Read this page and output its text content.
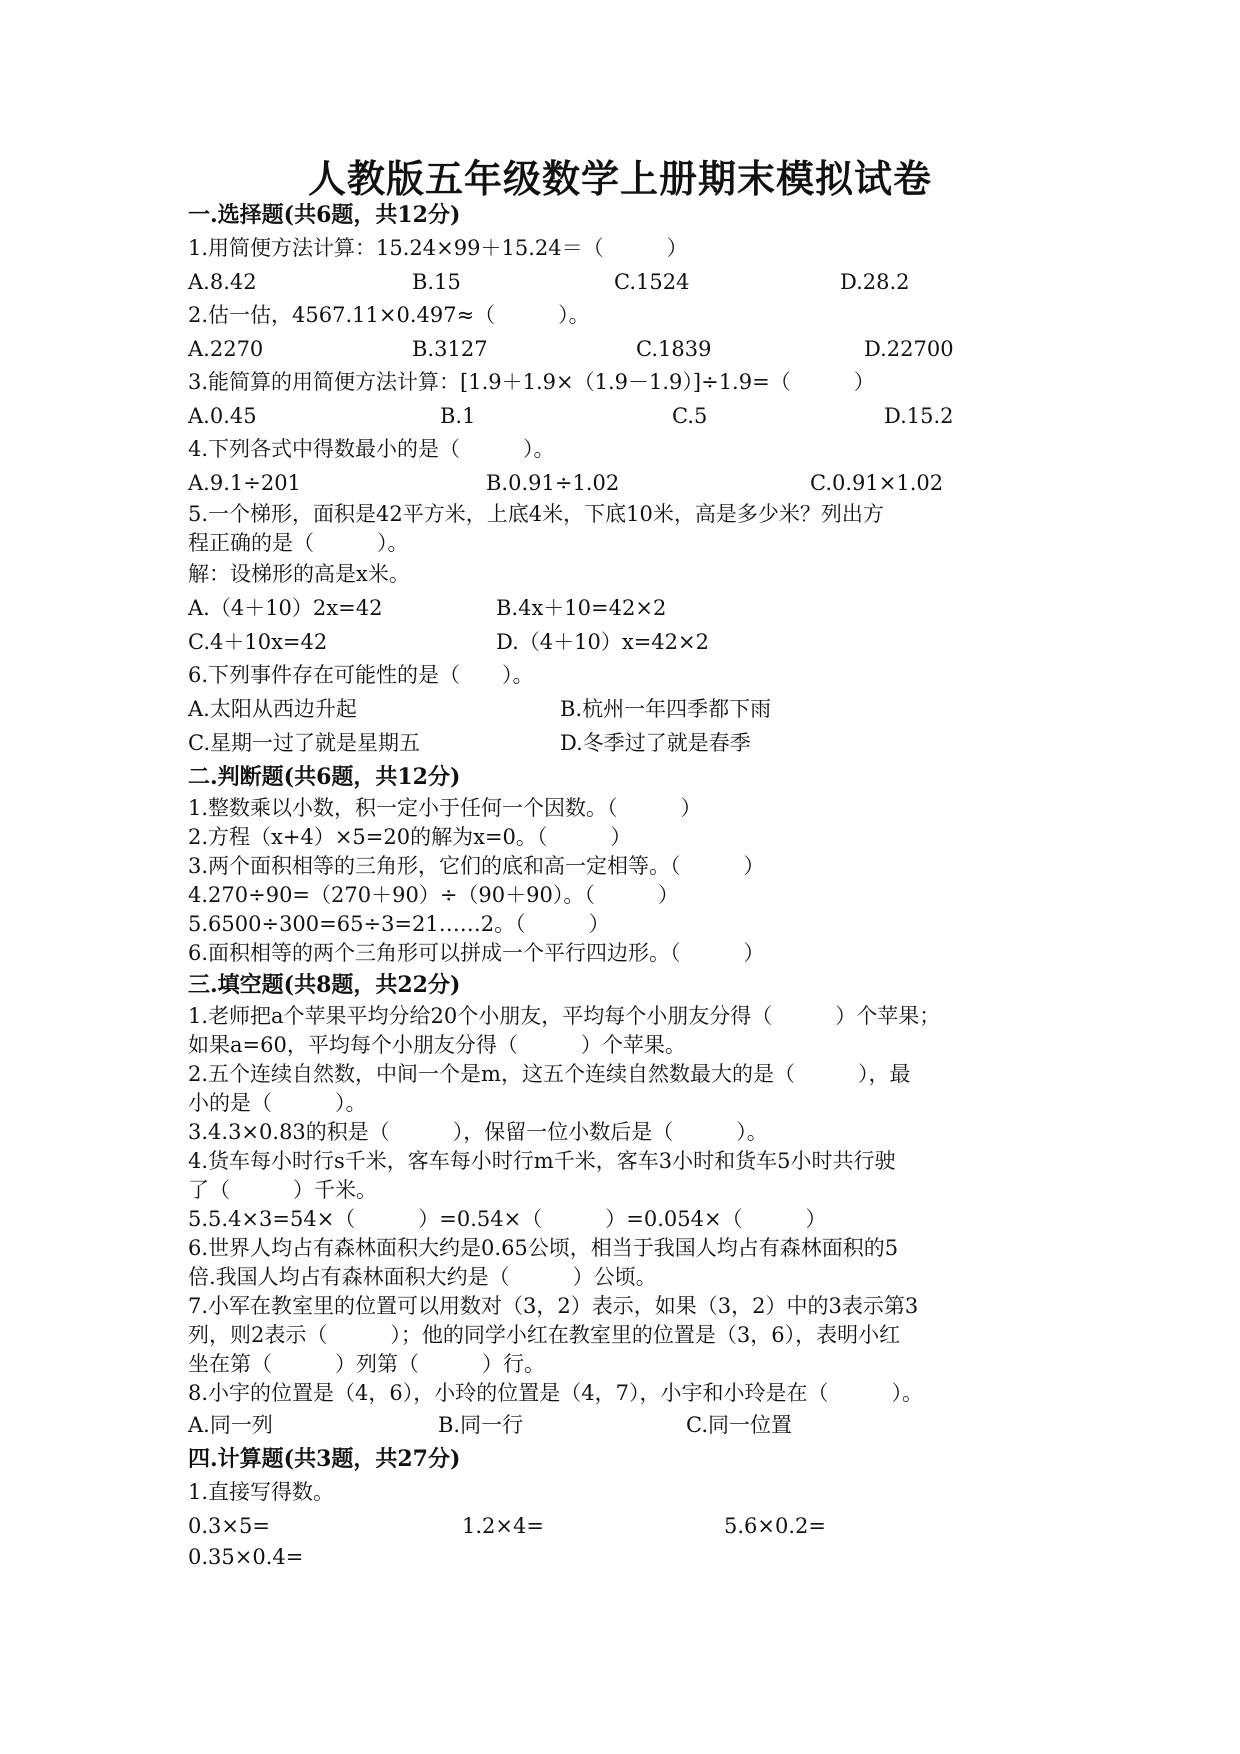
人教版五年级数学上册期末模拟试卷
一.选择题(共6题，共12分)
1.用简便方法计算：15.24×99＋15.24＝（　　　）
A.8.42	B.15	C.1524	D.28.2
2.估一估，4567.11×0.497≈（　　　）。
A.2270	B.3127	C.1839	D.22700
3.能简算的用简便方法计算：[1.9＋1.9×（1.9－1.9）]÷1.9=（　　　）
A.0.45	B.1	C.5	D.15.2
4.下列各式中得数最小的是（　　　）。
A.9.1÷201	B.0.91÷1.02	C.0.91×1.02
5.一个梯形，面积是42平方米，上底4米，下底10米，高是多少米？列出方
程正确的是（　　　）。
解：设梯形的高是x米。
A.（4＋10）2x=42	B.4x＋10=42×2
C.4＋10x=42	D.（4＋10）x=42×2
6.下列事件存在可能性的是（　　）。
A.太阳从西边升起	B.杭州一年四季都下雨
C.星期一过了就是星期五	D.冬季过了就是春季
二.判断题(共6题，共12分)
1.整数乘以小数，积一定小于任何一个因数。（　　　）
2.方程（x+4）×5=20的解为x=0。（　　　）
3.两个面积相等的三角形，它们的底和高一定相等。（　　　）
4.270÷90=（270＋90）÷（90＋90）。（　　　）
5.6500÷300=65÷3=21……2。（　　　）
6.面积相等的两个三角形可以拼成一个平行四边形。（　　　）
三.填空题(共8题，共22分)
1.老师把a个苹果平均分给20个小朋友，平均每个小朋友分得（　　　）个苹果；
如果a=60，平均每个小朋友分得（　　　）个苹果。
2.五个连续自然数，中间一个是m，这五个连续自然数最大的是（　　　），最
小的是（　　　）。
3.4.3×0.83的积是（　　　），保留一位小数后是（　　　）。
4.货车每小时行s千米，客车每小时行m千米，客车3小时和货车5小时共行驶
了（　　　）千米。
5.5.4×3=54×（　　　）=0.54×（　　　）=0.054×（　　　）
6.世界人均占有森林面积大约是0.65公顷，相当于我国人均占有森林面积的5
倍.我国人均占有森林面积大约是（　　　）公顷。
7.小军在教室里的位置可以用数对（3，2）表示，如果（3，2）中的3表示第3
列，则2表示（　　　）；他的同学小红在教室里的位置是（3，6），表明小红
坐在第（　　　）列第（　　　）行。
8.小宇的位置是（4，6），小玲的位置是（4，7），小宇和小玲是在（　　　）。
A.同一列	B.同一行	C.同一位置
四.计算题(共3题，共27分)
1.直接写得数。
0.3×5=	1.2×4=	5.6×0.2=
0.35×0.4=
